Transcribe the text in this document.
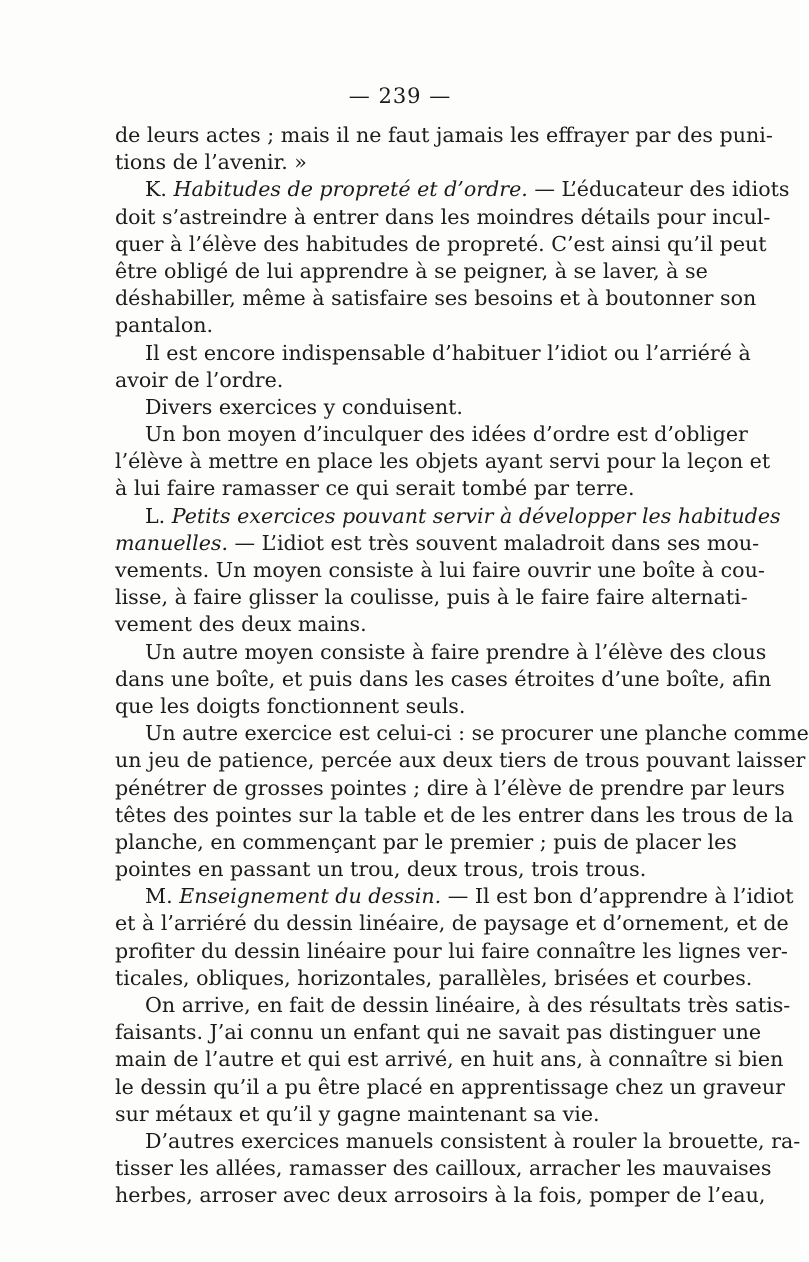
— 239 —
de leurs actes ; mais il ne faut jamais les effrayer par des puni-
tions de l’avenir. »
K. Habitudes de propreté et d’ordre. — L’éducateur des idiots
doit s’astreindre à entrer dans les moindres détails pour incul-
quer à l’élève des habitudes de propreté. C’est ainsi qu’il peut
être obligé de lui apprendre à se peigner, à se laver, à se
déshabiller, même à satisfaire ses besoins et à boutonner son
pantalon.
Il est encore indispensable d’habituer l’idiot ou l’arriéré à
avoir de l’ordre.
Divers exercices y conduisent.
Un bon moyen d’inculquer des idées d’ordre est d’obliger
l’élève à mettre en place les objets ayant servi pour la leçon et
à lui faire ramasser ce qui serait tombé par terre.
L. Petits exercices pouvant servir à développer les habitudes
manuelles. — L’idiot est très souvent maladroit dans ses mou-
vements. Un moyen consiste à lui faire ouvrir une boîte à cou-
lisse, à faire glisser la coulisse, puis à le faire faire alternati-
vement des deux mains.
Un autre moyen consiste à faire prendre à l’élève des clous
dans une boîte, et puis dans les cases étroites d’une boîte, afin
que les doigts fonctionnent seuls.
Un autre exercice est celui-ci : se procurer une planche comme
un jeu de patience, percée aux deux tiers de trous pouvant laisser
pénétrer de grosses pointes ; dire à l’élève de prendre par leurs
têtes des pointes sur la table et de les entrer dans les trous de la
planche, en commençant par le premier ; puis de placer les
pointes en passant un trou, deux trous, trois trous.
M. Enseignement du dessin. — Il est bon d’apprendre à l’idiot
et à l’arriéré du dessin linéaire, de paysage et d’ornement, et de
profiter du dessin linéaire pour lui faire connaître les lignes ver-
ticales, obliques, horizontales, parallèles, brisées et courbes.
On arrive, en fait de dessin linéaire, à des résultats très satis-
faisants. J’ai connu un enfant qui ne savait pas distinguer une
main de l’autre et qui est arrivé, en huit ans, à connaître si bien
le dessin qu’il a pu être placé en apprentissage chez un graveur
sur métaux et qu’il y gagne maintenant sa vie.
D’autres exercices manuels consistent à rouler la brouette, ra-
tisser les allées, ramasser des cailloux, arracher les mauvaises
herbes, arroser avec deux arrosoirs à la fois, pomper de l’eau,
